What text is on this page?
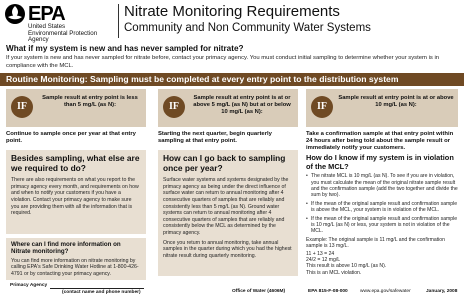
EPA
United States
Environmental Protection
Agency
Nitrate Monitoring Requirements
Community and Non Community Water Systems
What if my system is new and has never sampled for nitrate?
If your system is new and has never sampled for nitrate before, contact your primacy agency. You must conduct initial sampling to determine whether your system is in compliance with the MCL.
Routine Monitoring: Sampling must be completed at every entry point to the distribution system
IF
Sample result at entry point is less than 5 mg/L (as N):	IF
Sample result at entry point is at or above 5 mg/L (as N) but at or below 10 mg/L (as N):	IF
Sample result at entry point is at or above 10 mg/L (as N):
Continue to sample once per year at that entry point.
Besides sampling, what else are we required to do?
There are also requirements on what you report to the primacy agency every month, and requirements on how and when to notify your customers if you have a violation. Contact your primacy agency to make sure you are providing them with all the information that is required.
Where can I find more information on Nitrate monitoring?
You can find more information on nitrate monitoring by calling EPA's Safe Drinking Water Hotline at 1-800-426-4791 or by contacting your primacy agency.
Primacy Agency
(contact name and phone number)
Starting the next quarter, begin quarterly sampling at that entry point.
How can I go back to sampling once per year?
Surface water systems and systems designated by the primacy agency as being under the direct influence of surface water can return to annual monitoring after 4 consecutive quarters of samples that are reliably and consistently less than 5 mg/L (as N). Ground water systems can return to annual monitoring after 4 consecutive quarters of samples that are reliably and consistently below the MCL as determined by the primacy agency.
Once you return to annual monitoring, take annual samples in the quarter during which you had the highest nitrate result during quarterly monitoring.
Office of Water (4606M)
Take a confirmation sample at that entry point within 24 hours after being told about the sample result or immediately notify your customers.
How do I know if my system is in violation of the MCL?
• The nitrate MCL is 10 mg/L (as N). To see if you are in violation, you must calculate the mean of the original nitrate sample result and the confirmation sample (add the two together and divide the sum by two).
• If the mean of the original sample result and confirmation sample is above the MCL, your system is in violation of the MCL.
• If the mean of the original sample result and confirmation sample is 10 mg/L (as N) or less, your system is not in violation of the MCL.
Example: The original sample is 11 mg/L and the confirmation sample is 13 mg/L.
11 + 13 = 24
24/2 = 12 mg/L
This result is above 10 mg/L (as N).
This is an MCL violation.
EPA 815-F-08-000	www.epa.gov/safewater	January, 2008
